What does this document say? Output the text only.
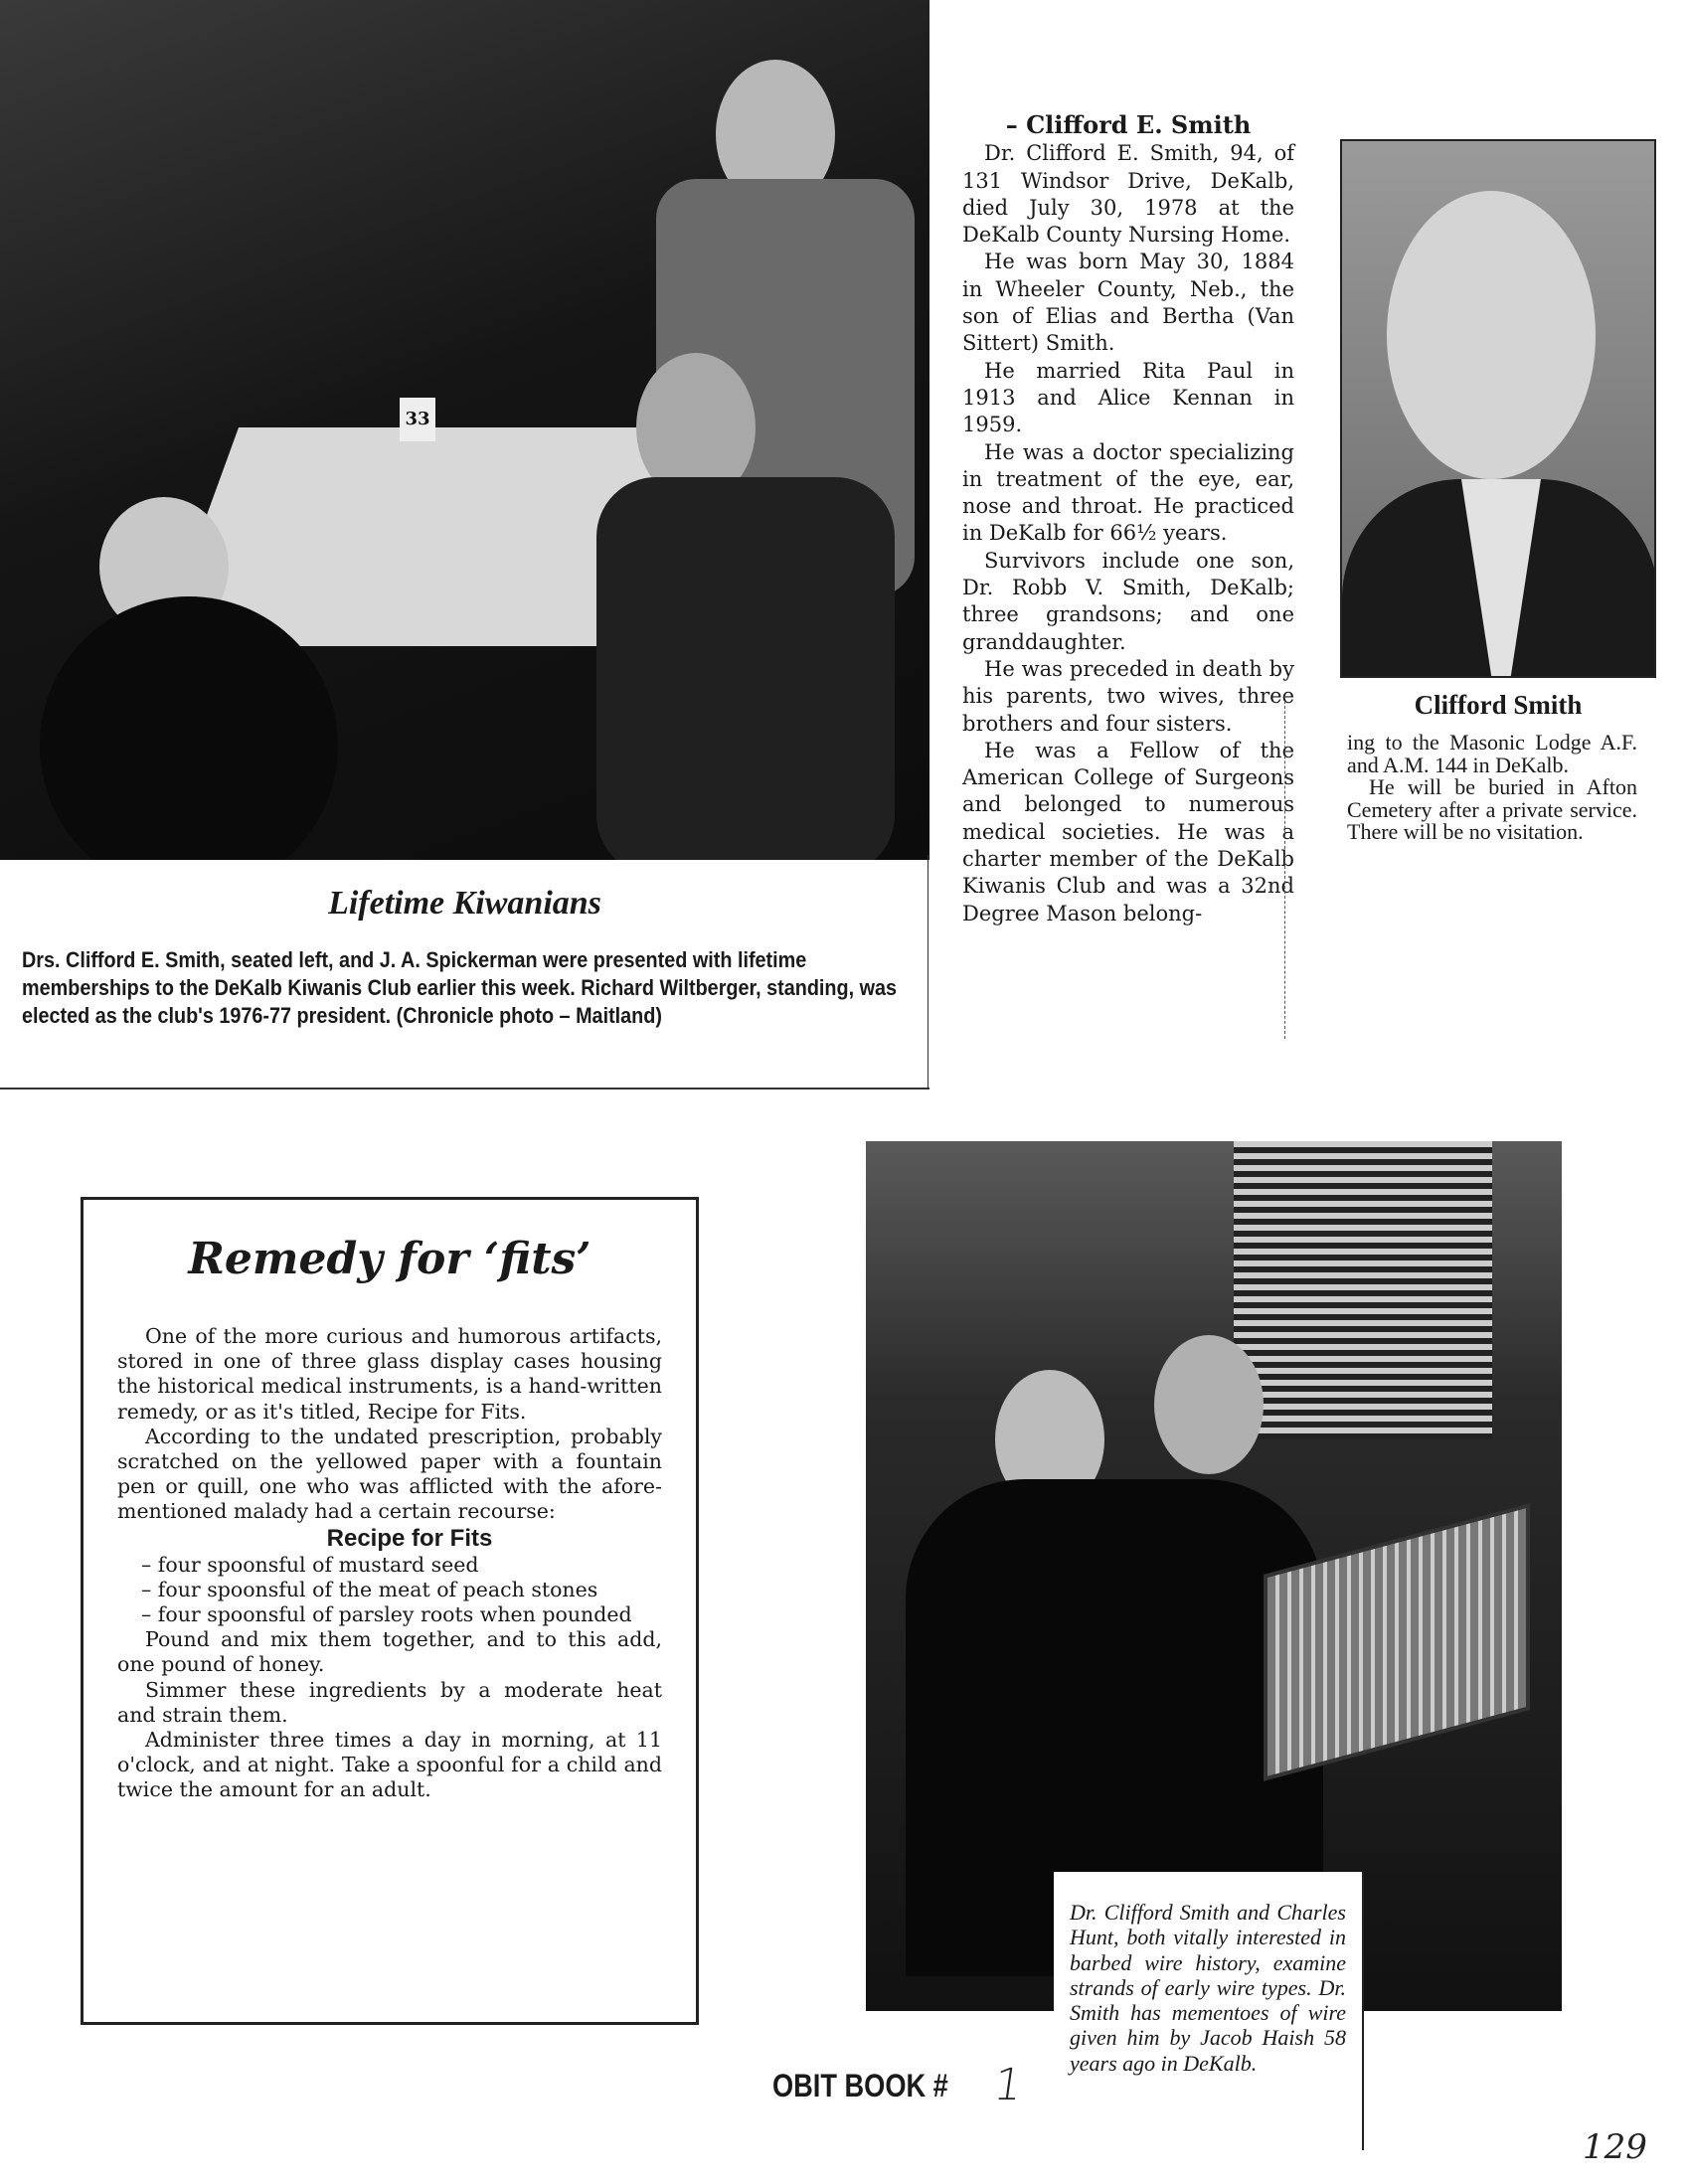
33
Lifetime Kiwanians
Drs. Clifford E. Smith, seated left, and J. A. Spickerman were presented with lifetime memberships to the DeKalb Kiwanis Club earlier this week. Richard Wiltberger, standing, was elected as the club's 1976-77 president. (Chronicle photo – Maitland)
– Clifford E. Smith

Dr. Clifford E. Smith, 94, of 131 Windsor Drive, DeKalb, died July 30, 1978 at the DeKalb County Nursing Home.

He was born May 30, 1884 in Wheeler County, Neb., the son of Elias and Bertha (Van Sittert) Smith.

He married Rita Paul in 1913 and Alice Kennan in 1959.

He was a doctor specializing in treatment of the eye, ear, nose and throat. He practiced in DeKalb for 66½ years.

Survivors include one son, Dr. Robb V. Smith, DeKalb; three grandsons; and one granddaughter.

He was preceded in death by his parents, two wives, three brothers and four sisters.

He was a Fellow of the American College of Surgeons and belonged to numerous medical societies. He was a charter member of the DeKalb Kiwanis Club and was a 32nd Degree Mason belong-

Clifford Smith

ing to the Masonic Lodge A.F. and A.M. 144 in DeKalb.

He will be buried in Afton Cemetery after a private service. There will be no visitation.

Remedy for ‘fits’

One of the more curious and humorous artifacts, stored in one of three glass display cases housing the historical medical instruments, is a hand-written remedy, or as it's titled, Recipe for Fits.

According to the undated prescription, probably scratched on the yellowed paper with a fountain pen or quill, one who was afflicted with the afore-mentioned malady had a certain recourse:

Recipe for Fits

– four spoonsful of mustard seed

– four spoonsful of the meat of peach stones

– four spoonsful of parsley roots when pounded

Pound and mix them together, and to this add, one pound of honey.

Simmer these ingredients by a moderate heat and strain them.

Administer three times a day in morning, at 11 o'clock, and at night. Take a spoonful for a child and twice the amount for an adult.

Dr. Clifford Smith and Charles Hunt, both vitally interested in barbed wire history, examine strands of early wire types. Dr. Smith has mementoes of wire given him by Jacob Haish 58 years ago in DeKalb.
OBIT BOOK # 1
129
